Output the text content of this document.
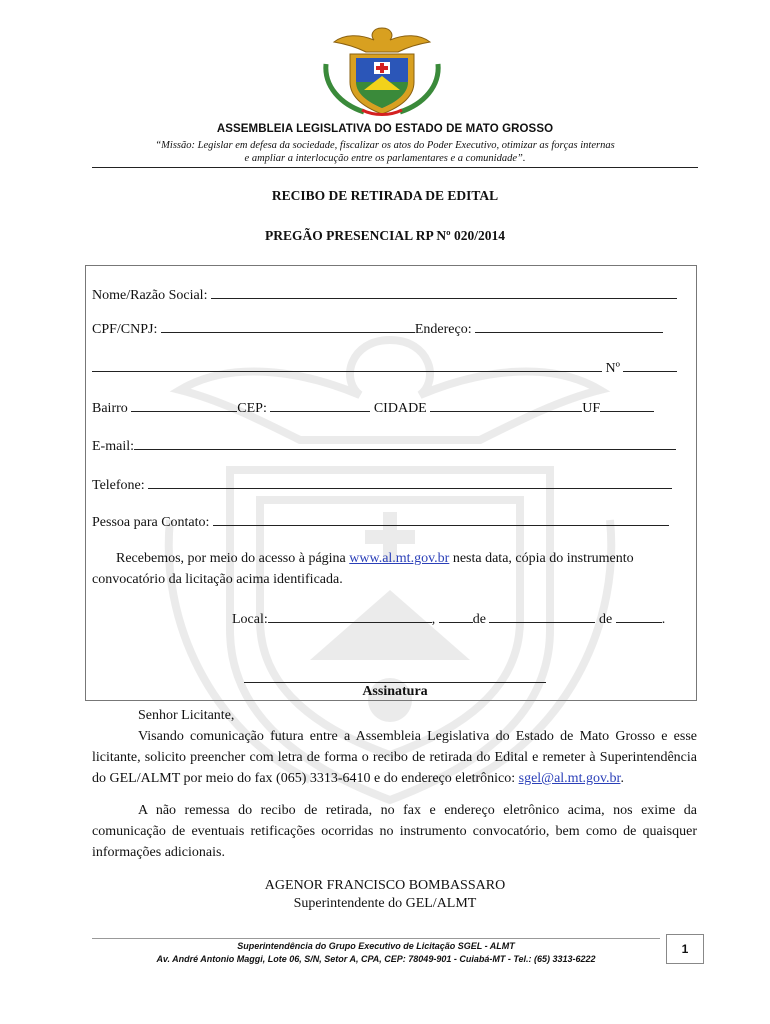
ASSEMBLEIA LEGISLATIVA DO ESTADO DE MATO GROSSO
“Missão: Legislar em defesa da sociedade, fiscalizar os atos do Poder Executivo, otimizar as forças internas
e ampliar a interlocução entre os parlamentares e a comunidade”.
RECIBO DE RETIRADA DE EDITAL
PREGÃO PRESENCIAL RP Nº 020/2014
Nome/Razão Social:
CPF/CNPJ:	Endereço:
Nº
Bairro	CEP:	CIDADE	UF
E-mail:
Telefone:
Pessoa para Contato:
Recebemos, por meio do acesso à página www.al.mt.gov.br nesta data, cópia do instrumento
convocatório da licitação acima identificada.
Local:	,	de	de	.
Assinatura
Senhor Licitante,
Visando comunicação futura entre a Assembleia Legislativa do Estado de Mato Grosso e esse licitante, solicito preencher com letra de forma o recibo de retirada do Edital e remeter à Superintendência do GEL/ALMT por meio do fax (065) 3313-6410 e do endereço eletrônico: sgel@al.mt.gov.br.
A não remessa do recibo de retirada, no fax e endereço eletrônico acima, nos exime da comunicação de eventuais retificações ocorridas no instrumento convocatório, bem como de quaisquer informações adicionais.
AGENOR FRANCISCO BOMBASSARO
Superintendente do GEL/ALMT
Superintendência do Grupo Executivo de Licitação SGEL - ALMT
Av. André Antonio Maggi, Lote 06, S/N, Setor A, CPA, CEP: 78049-901 - Cuiabá-MT - Tel.: (65) 3313-6222
1
